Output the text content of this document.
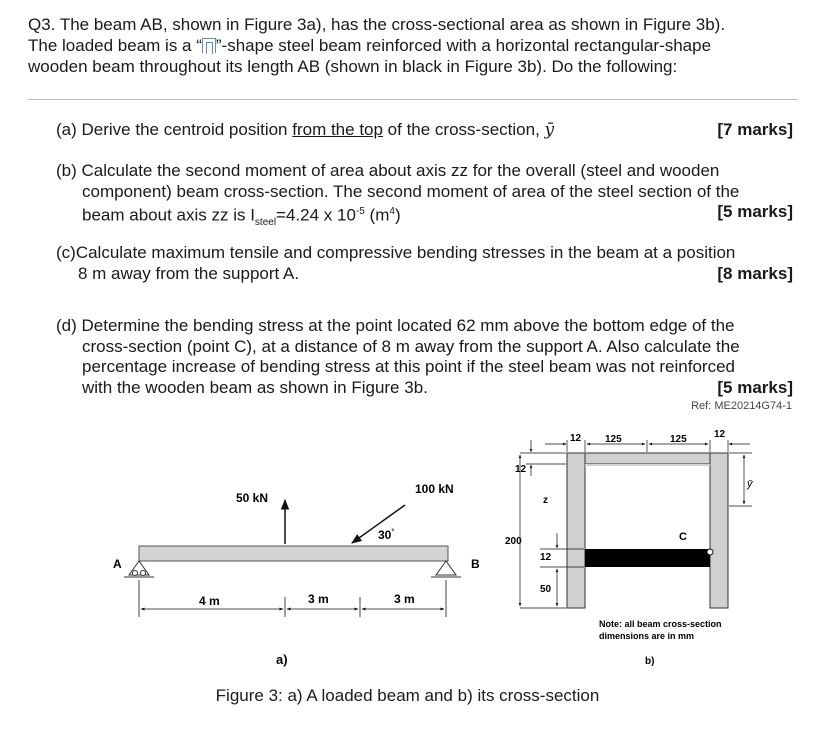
Q3. The beam AB, shown in Figure 3a), has the cross-sectional area as shown in Figure 3b).
The loaded beam is a “ ”-shape steel beam reinforced with a horizontal rectangular-shape
wooden beam throughout its length AB (shown in black in Figure 3b). Do the following:
(a) Derive the centroid position from the top of the cross-section, ȳ	[7 marks]
(b) Calculate the second moment of area about axis zz for the overall (steel and wooden
component) beam cross-section. The second moment of area of the steel section of the
beam about axis zz is $I_{steel}=4.24$ x $10^{-5}$ $(m^4)$	[5 marks]
(c)Calculate maximum tensile and compressive bending stresses in the beam at a position
8 m away from the support A.	[8 marks]
(d) Determine the bending stress at the point located 62 mm above the bottom edge of the
cross-section (point C), at a distance of 8 m away from the support A. Also calculate the
percentage increase of bending stress at this point if the steel beam was not reinforced
with the wooden beam as shown in Figure 3b.	[5 marks]
Ref: ME20214G74-1
A	B
50 kN
100 kN
30°
4 m	3 m	3 m
a)
C
12 125	125	12
200
12
z
12
50
ȳ
Note: all beam cross-section
dimensions are in mm
b)
Figure 3: a) A loaded beam and b) its cross-section
